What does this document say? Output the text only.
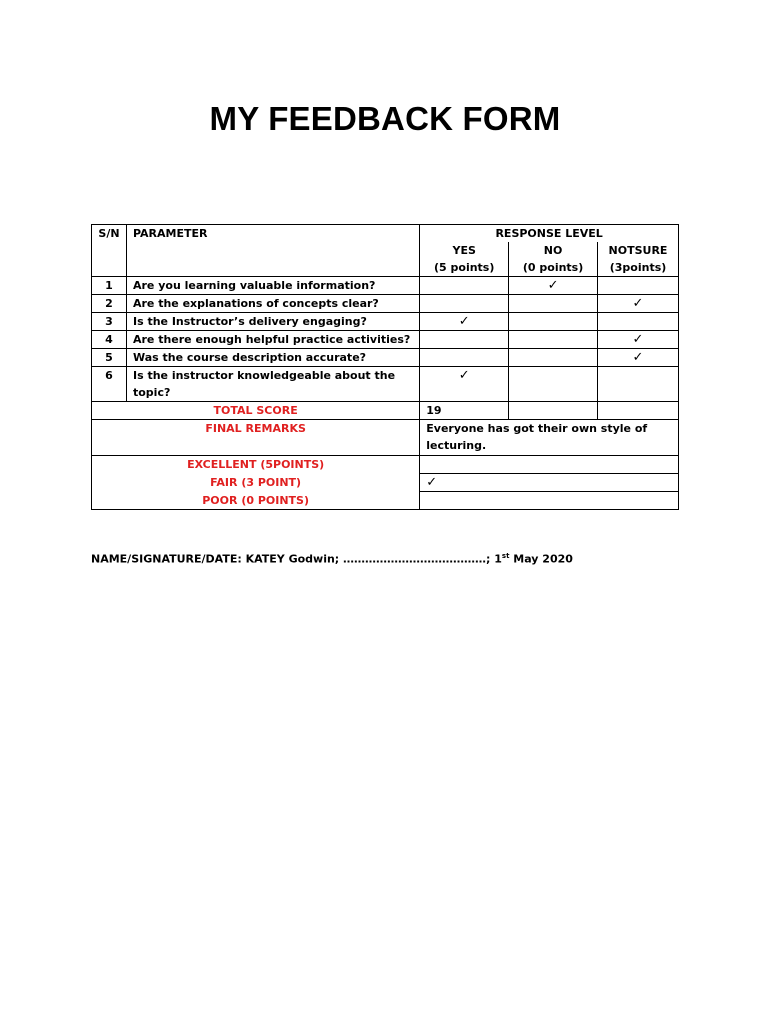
MY FEEDBACK FORM
S/N	PARAMETER	RESPONSE LEVEL		
		YES	NO	NOTSURE
		(5 points)	(0 points)	(3points)
1	Are you learning valuable information?		✓	
2	Are the explanations of concepts clear?			✓
3	Is the Instructor’s delivery engaging?	✓		
4	Are there enough helpful practice activities?			✓
5	Was the course description accurate?			✓
6	Is the instructor knowledgeable about the topic?	✓		
TOTAL SCORE		19		
FINAL REMARKS		Everyone has got their own style of
lecturing.		

EXCELLENT (5POINTS)				
FAIR (3 POINT)		✓		
POOR (0 POINTS)				
NAME/SIGNATURE/DATE: KATEY Godwin; …………………………………; 1st May 2020
